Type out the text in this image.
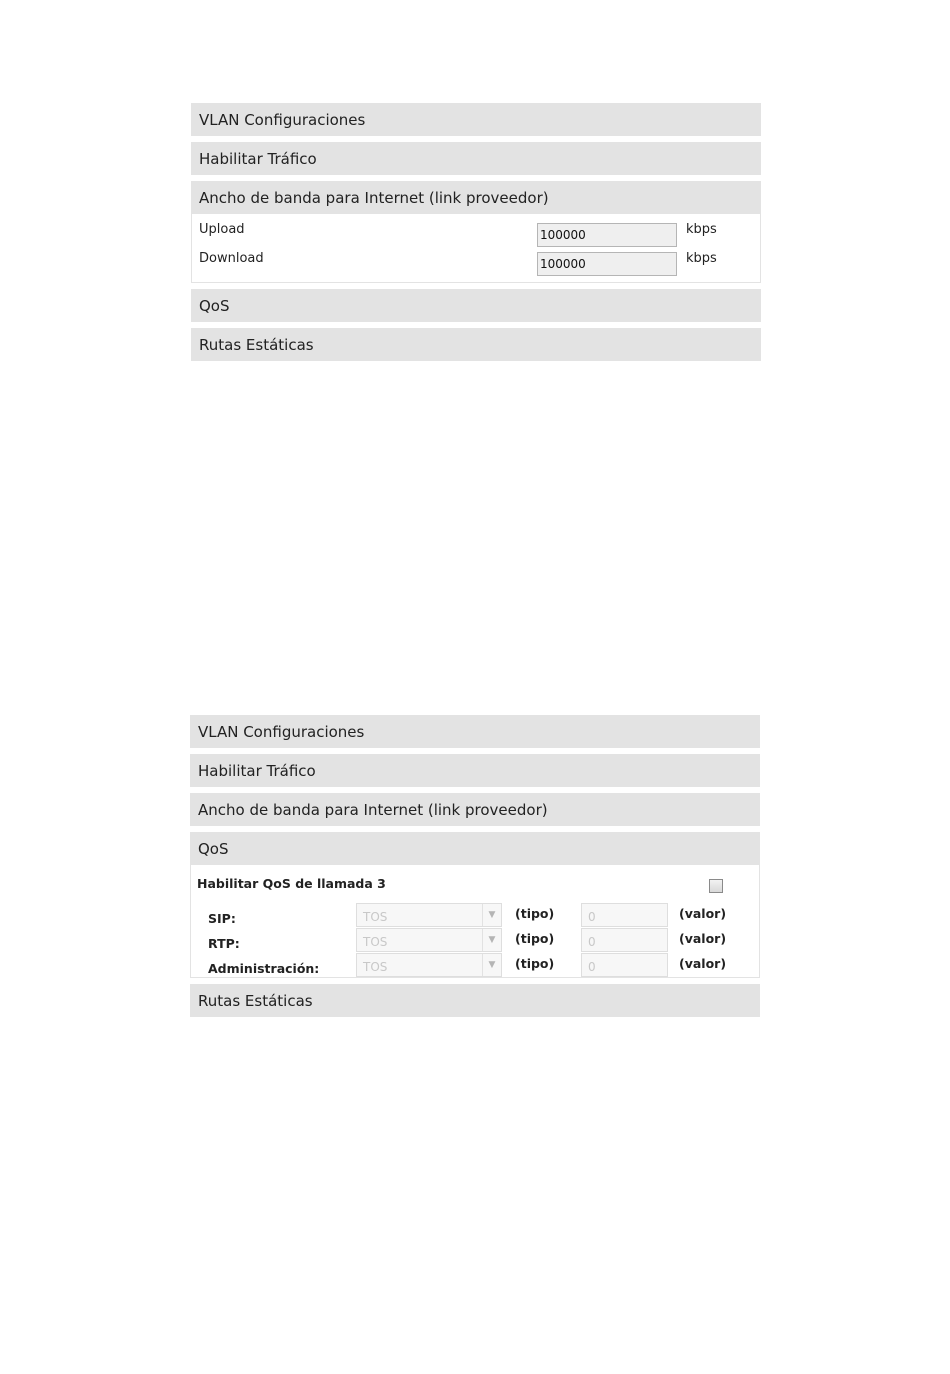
VLAN Configuraciones
Habilitar Tráfico
Ancho de banda para Internet (link proveedor)
Upload	100000	kbps
Download	100000	kbps
QoS
Rutas Estáticas
VLAN Configuraciones
Habilitar Tráfico
Ancho de banda para Internet (link proveedor)
QoS
Habilitar QoS de llamada 3
SIP:	TOS	▼	(tipo)	0	(valor)
RTP:	TOS	▼	(tipo)	0	(valor)
Administración:	TOS	▼	(tipo)	0	(valor)
Rutas Estáticas
